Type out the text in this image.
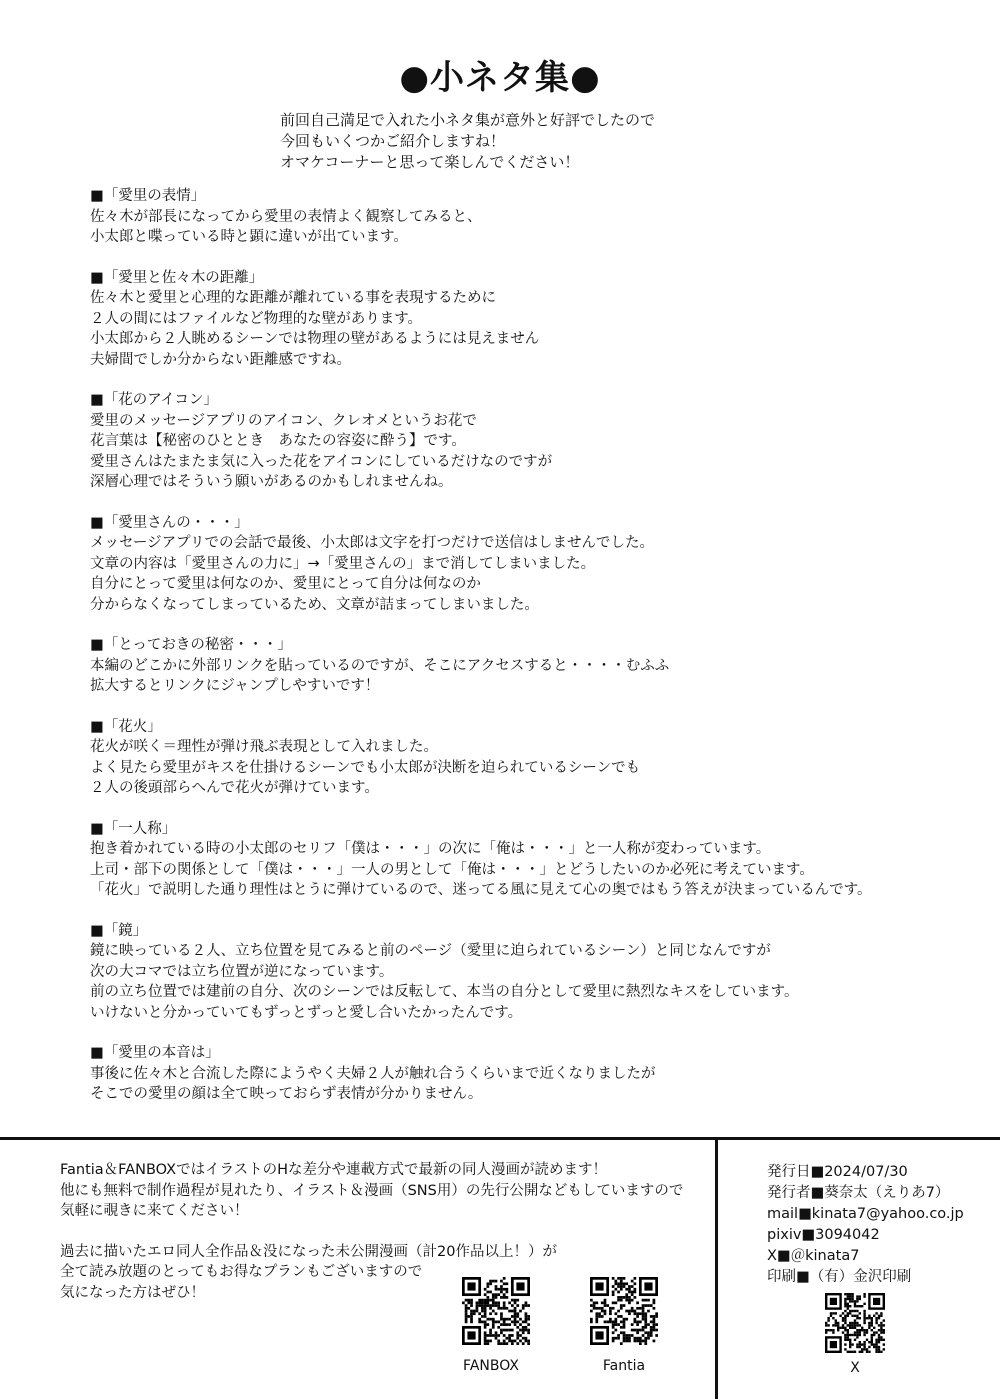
●小ネタ集●
前回自己満足で入れた小ネタ集が意外と好評でしたので
今回もいくつかご紹介しますね！
オマケコーナーと思って楽しんでください！
■「愛里の表情」
佐々木が部長になってから愛里の表情よく観察してみると、
小太郎と喋っている時と顕に違いが出ています。
■「愛里と佐々木の距離」
佐々木と愛里と心理的な距離が離れている事を表現するために
２人の間にはファイルなど物理的な壁があります。
小太郎から２人眺めるシーンでは物理の壁があるようには見えません
夫婦間でしか分からない距離感ですね。
■「花のアイコン」
愛里のメッセージアプリのアイコン、クレオメというお花で
花言葉は【秘密のひととき　あなたの容姿に酔う】です。
愛里さんはたまたま気に入った花をアイコンにしているだけなのですが
深層心理ではそういう願いがあるのかもしれませんね。
■「愛里さんの・・・」
メッセージアプリでの会話で最後、小太郎は文字を打つだけで送信はしませんでした。
文章の内容は「愛里さんの力に」→「愛里さんの」まで消してしまいました。
自分にとって愛里は何なのか、愛里にとって自分は何なのか
分からなくなってしまっているため、文章が詰まってしまいました。
■「とっておきの秘密・・・」
本編のどこかに外部リンクを貼っているのですが、そこにアクセスすると・・・・むふふ
拡大するとリンクにジャンプしやすいです！
■「花火」
花火が咲く＝理性が弾け飛ぶ表現として入れました。
よく見たら愛里がキスを仕掛けるシーンでも小太郎が決断を迫られているシーンでも
２人の後頭部らへんで花火が弾けています。
■「一人称」
抱き着かれている時の小太郎のセリフ「僕は・・・」の次に「俺は・・・」と一人称が変わっています。
上司・部下の関係として「僕は・・・」一人の男として「俺は・・・」とどうしたいのか必死に考えています。
「花火」で説明した通り理性はとうに弾けているので、迷ってる風に見えて心の奥ではもう答えが決まっているんです。
■「鏡」
鏡に映っている２人、立ち位置を見てみると前のページ（愛里に迫られているシーン）と同じなんですが
次の大コマでは立ち位置が逆になっています。
前の立ち位置では建前の自分、次のシーンでは反転して、本当の自分として愛里に熱烈なキスをしています。
いけないと分かっていてもずっとずっと愛し合いたかったんです。
■「愛里の本音は」
事後に佐々木と合流した際にようやく夫婦２人が触れ合うくらいまで近くなりましたが
そこでの愛里の顔は全て映っておらず表情が分かりません。
Fantia＆FANBOXではイラストのHな差分や連載方式で最新の同人漫画が読めます！
他にも無料で制作過程が見れたり、イラスト＆漫画（SNS用）の先行公開などもしていますので
気軽に覗きに来てください！
過去に描いたエロ同人全作品＆没になった未公開漫画（計20作品以上！）が
全て読み放題のとってもお得なプランもございますので
気になった方はぜひ！
FANBOX	Fantia
発行日■2024/07/30
発行者■葵奈太（えりあ7）
mail■kinata7@yahoo.co.jp
pixiv■3094042
X■＠kinata7
印刷■（有）金沢印刷
X
